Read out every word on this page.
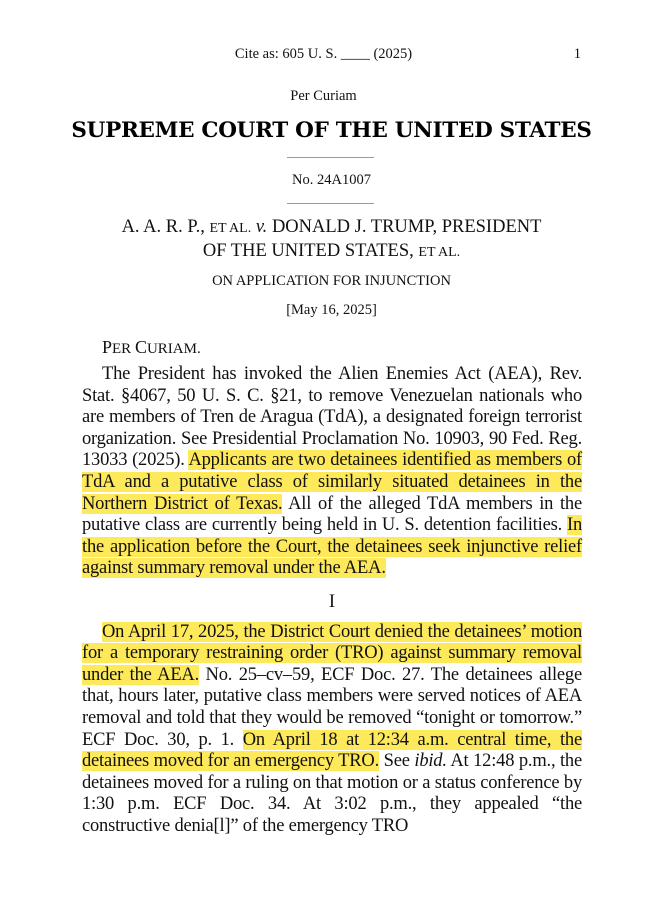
Cite as: 605 U. S. ____ (2025)	1
Per Curiam
SUPREME COURT OF THE UNITED STATES
No. 24A1007
A. A. R. P., ET AL. v. DONALD J. TRUMP, PRESIDENT
OF THE UNITED STATES, ET AL.
ON APPLICATION FOR INJUNCTION
[May 16, 2025]
PER CURIAM.

The President has invoked the Alien Enemies Act (AEA), Rev. Stat. §4067, 50 U. S. C. §21, to remove Venezuelan nationals who are members of Tren de Aragua (TdA), a designated foreign terrorist organization. See Presidential Proclamation No. 10903, 90 Fed. Reg. 13033 (2025). Applicants are two detainees identified as members of TdA and a putative class of similarly situated detainees in the Northern District of Texas. All of the alleged TdA members in the putative class are currently being held in U. S. detention facilities. In the application before the Court, the detainees seek injunctive relief against summary removal under the AEA.

I

On April 17, 2025, the District Court denied the detainees’ motion for a temporary restraining order (TRO) against summary removal under the AEA. No. 25–cv–59, ECF Doc. 27. The detainees allege that, hours later, putative class members were served notices of AEA removal and told that they would be removed “tonight or tomorrow.” ECF Doc. 30, p. 1. On April 18 at 12:34 a.m. central time, the detainees moved for an emergency TRO. See ibid. At 12:48 p.m., the detainees moved for a ruling on that motion or a status conference by 1:30 p.m. ECF Doc. 34. At 3:02 p.m., they appealed “the constructive denia[l]” of the emergency TRO
